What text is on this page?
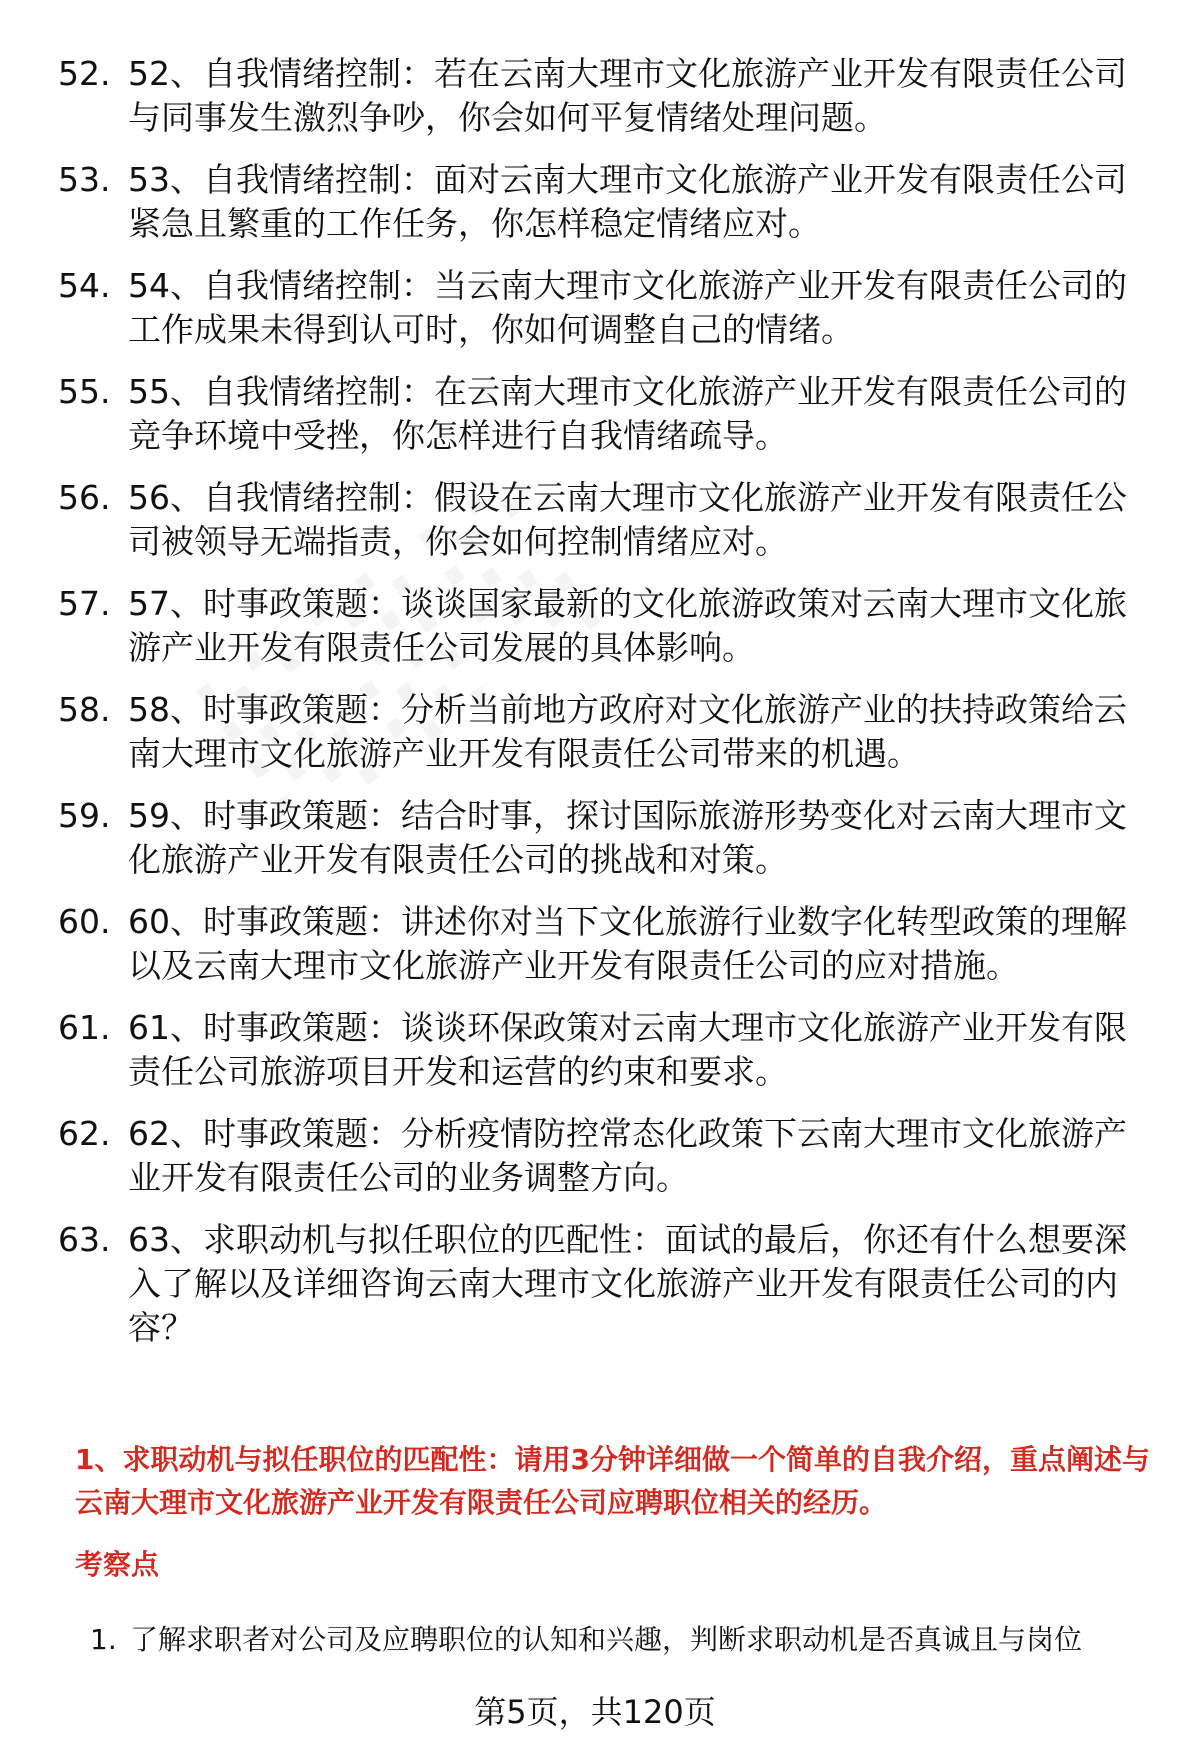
52. 52、自我情绪控制：若在云南大理市文化旅游产业开发有限责任公司与同事发生激烈争吵，你会如何平复情绪处理问题。
53. 53、自我情绪控制：面对云南大理市文化旅游产业开发有限责任公司紧急且繁重的工作任务，你怎样稳定情绪应对。
54. 54、自我情绪控制：当云南大理市文化旅游产业开发有限责任公司的工作成果未得到认可时，你如何调整自己的情绪。
55. 55、自我情绪控制：在云南大理市文化旅游产业开发有限责任公司的竞争环境中受挫，你怎样进行自我情绪疏导。
56. 56、自我情绪控制：假设在云南大理市文化旅游产业开发有限责任公司被领导无端指责，你会如何控制情绪应对。
57. 57、时事政策题：谈谈国家最新的文化旅游政策对云南大理市文化旅游产业开发有限责任公司发展的具体影响。
58. 58、时事政策题：分析当前地方政府对文化旅游产业的扶持政策给云南大理市文化旅游产业开发有限责任公司带来的机遇。
59. 59、时事政策题：结合时事，探讨国际旅游形势变化对云南大理市文化旅游产业开发有限责任公司的挑战和对策。
60. 60、时事政策题：讲述你对当下文化旅游行业数字化转型政策的理解以及云南大理市文化旅游产业开发有限责任公司的应对措施。
61. 61、时事政策题：谈谈环保政策对云南大理市文化旅游产业开发有限责任公司旅游项目开发和运营的约束和要求。
62. 62、时事政策题：分析疫情防控常态化政策下云南大理市文化旅游产业开发有限责任公司的业务调整方向。
63. 63、求职动机与拟任职位的匹配性：面试的最后，你还有什么想要深入了解以及详细咨询云南大理市文化旅游产业开发有限责任公司的内容？
1、求职动机与拟任职位的匹配性：请用3分钟详细做一个简单的自我介绍，重点阐述与云南大理市文化旅游产业开发有限责任公司应聘职位相关的经历。
考察点
1. 了解求职者对公司及应聘职位的认知和兴趣，判断求职动机是否真诚且与岗位
第5页，共120页
